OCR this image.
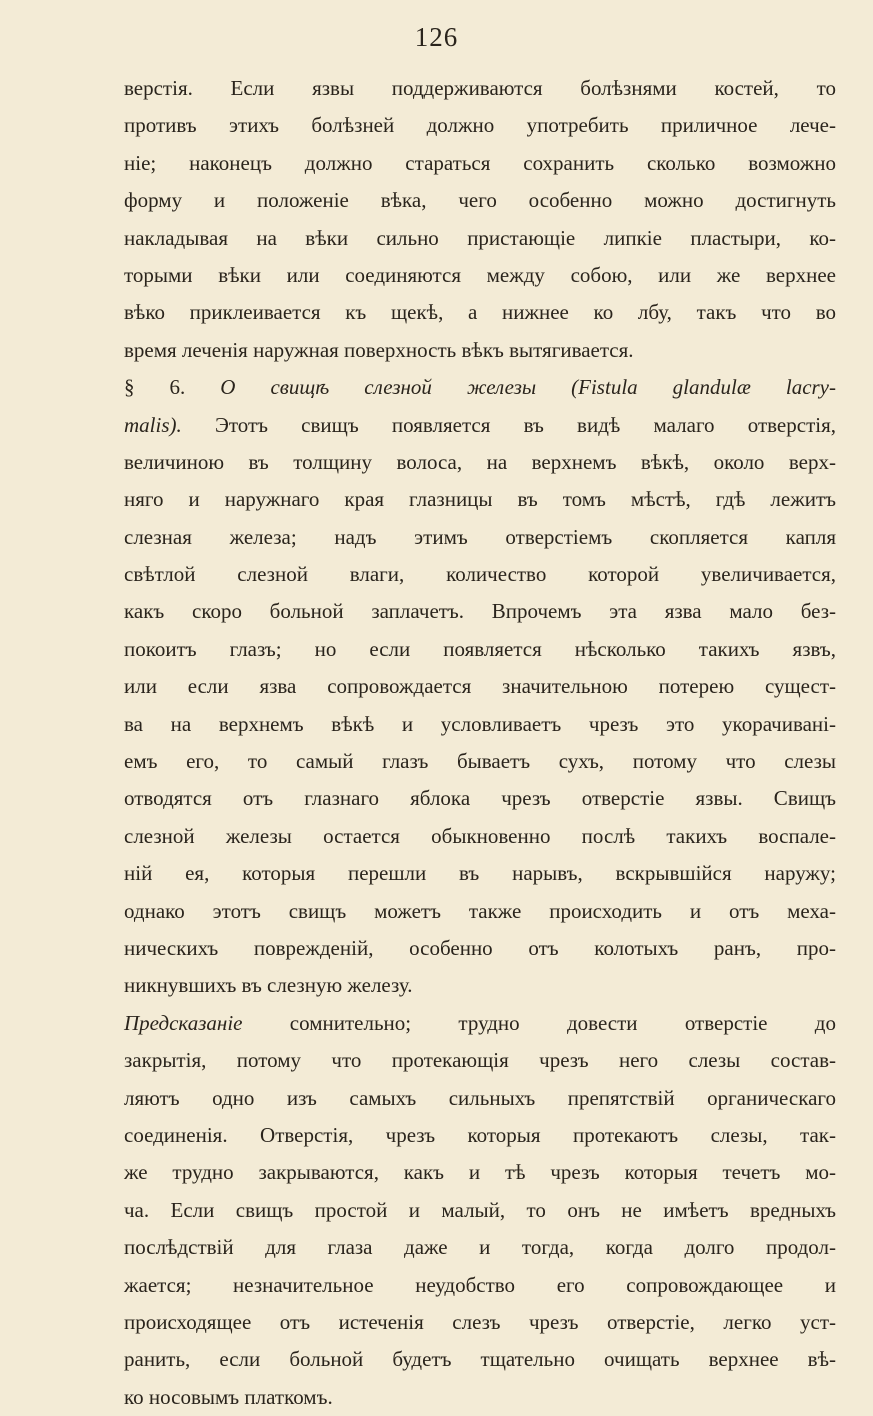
126
верстія. Если язвы поддерживаются болѣзнями костей, то
противъ этихъ болѣзней должно употребить приличное лече-
ніе; наконецъ должно стараться сохранить сколько возможно
форму и положеніе вѣка, чего особенно можно достигнуть
накладывая на вѣки сильно пристающіе липкіе пластыри, ко-
торыми вѣки или соединяются между собою, или же верхнее
вѣко приклеивается къ щекѣ, а нижнее ко лбу, такъ что во
время леченія наружная поверхность вѣкъ вытягивается.
§ 6. О свищѣ слезной железы (Fistula glandulæ lacry-
malis). Этотъ свищъ появляется въ видѣ малаго отверстія,
величиною въ толщину волоса, на верхнемъ вѣкѣ, около верх-
няго и наружнаго края глазницы въ томъ мѣстѣ, гдѣ лежитъ
слезная железа; надъ этимъ отверстіемъ скопляется капля
свѣтлой слезной влаги, количество которой увеличивается,
какъ скоро больной заплачетъ. Впрочемъ эта язва мало без-
покоитъ глазъ; но если появляется нѣсколько такихъ язвъ,
или если язва сопровождается значительною потерею сущест-
ва на верхнемъ вѣкѣ и условливаетъ чрезъ это укорачивані-
емъ его, то самый глазъ бываетъ сухъ, потому что слезы
отводятся отъ глазнаго яблока чрезъ отверстіе язвы. Свищъ
слезной железы остается обыкновенно послѣ такихъ воспале-
ній ея, которыя перешли въ нарывъ, вскрывшійся наружу;
однако этотъ свищъ можетъ также происходить и отъ меха-
ническихъ поврежденій, особенно отъ колотыхъ ранъ, про-
никнувшихъ въ слезную железу.
Предсказаніе сомнительно; трудно довести отверстіе до
закрытія, потому что протекающія чрезъ него слезы состав-
ляютъ одно изъ самыхъ сильныхъ препятствій органическаго
соединенія. Отверстія, чрезъ которыя протекаютъ слезы, так-
же трудно закрываются, какъ и тѣ чрезъ которыя течетъ мо-
ча. Если свищъ простой и малый, то онъ не имѣетъ вредныхъ
послѣдствій для глаза даже и тогда, когда долго продол-
жается; незначительное неудобство его сопровождающее и
происходящее отъ истеченія слезъ чрезъ отверстіе, легко уст-
ранить, если больной будетъ тщательно очищать верхнее вѣ-
ко носовымъ платкомъ.
